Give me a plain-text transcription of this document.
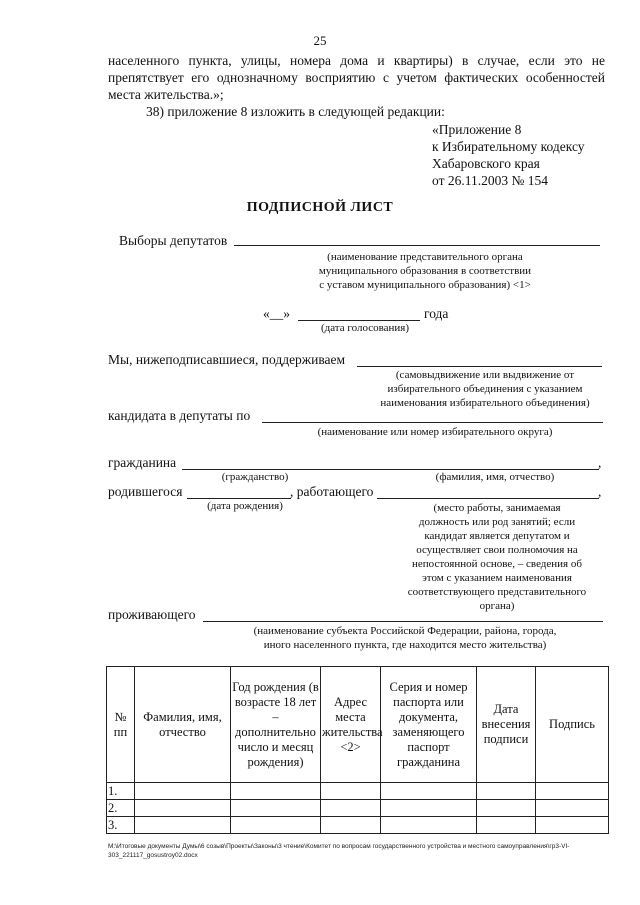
25
населенного пункта, улицы, номера дома и квартиры) в случае, если это не
препятствует его однозначному восприятию с учетом фактических особенностей
места жительства.»;
38) приложение 8 изложить в следующей редакции:
«Приложение 8
к Избирательному кодексу
Хабаровского края
от 26.11.2003 № 154
ПОДПИСНОЙ ЛИСТ
Выборы депутатов
(наименование представительного органа
муниципального образования в соответствии
с уставом муниципального образования) <1>
«__»	года
(дата голосования)
Мы, нижеподписавшиеся, поддерживаем
(самовыдвижение или выдвижение от
избирательного объединения с указанием
наименования избирательного объединения)
кандидата в депутаты по
(наименование или номер избирательного округа)
гражданина	,
(гражданство)	(фамилия, имя, отчество)
родившегося	, работающего	,
(дата рождения)	(место работы, занимаемая
должность или род занятий; если
кандидат является депутатом и
осуществляет свои полномочия на
непостоянной основе, – сведения об
этом с указанием наименования
соответствующего представительного
органа)
проживающего
(наименование субъекта Российской Федерации, района, города,
иного населенного пункта, где находится место жительства)
№ пп	Фамилия, имя, отчество	Год рождения (в возрасте 18 лет – дополнительно число и месяц рождения)	Адрес места жительства <2>	Серия и номер паспорта или документа, заменяющего паспорт гражданина	Дата внесения подписи	Подпись
1.						
2.						
3.						
M:\Итоговые документы Думы\6 созыв\Проекты\Законы\3 чтение\Комитет по вопросам государственного устройства и местного самоуправления\гр3-VI-303_221117_gosustroy02.docx
